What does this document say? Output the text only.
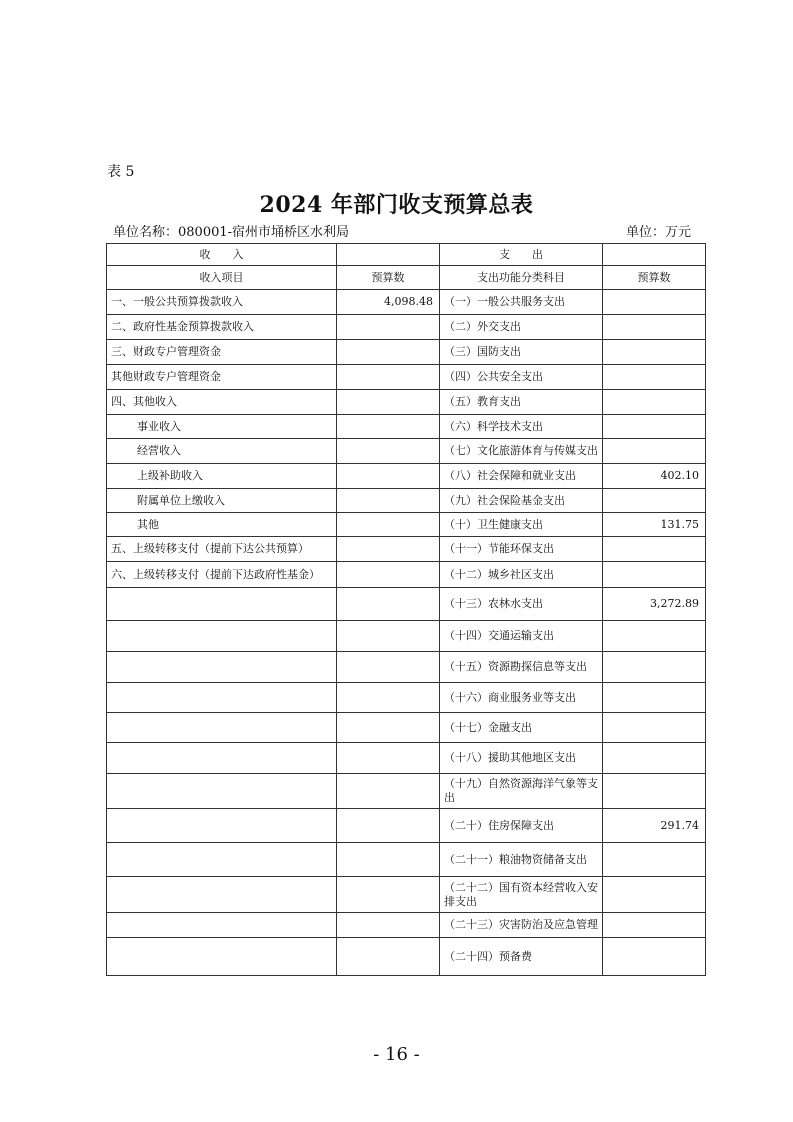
表 5
2024 年部门收支预算总表
单位名称：080001-宿州市埇桥区水利局	单位：万元
收　　入		支　　出	
收入项目	预算数	支出功能分类科目	预算数
一、一般公共预算拨款收入	4,098.48	（一）一般公共服务支出	
二、政府性基金预算拨款收入		（二）外交支出	
三、财政专户管理资金		（三）国防支出	
其他财政专户管理资金		（四）公共安全支出	
四、其他收入		（五）教育支出	
事业收入		（六）科学技术支出	
经营收入		（七）文化旅游体育与传媒支出	
上级补助收入		（八）社会保障和就业支出	402.10
附属单位上缴收入		（九）社会保险基金支出	
其他		（十）卫生健康支出	131.75
五、上级转移支付（提前下达公共预算）		（十一）节能环保支出	
六、上级转移支付（提前下达政府性基金）		（十二）城乡社区支出	
		（十三）农林水支出	3,272.89
		（十四）交通运输支出	
		（十五）资源勘探信息等支出	
		（十六）商业服务业等支出	
		（十七）金融支出	
		（十八）援助其他地区支出	
		（十九）自然资源海洋气象等支出	
		（二十）住房保障支出	291.74
		（二十一）粮油物资储备支出	
		（二十二）国有资本经营收入安排支出	
		（二十三）灾害防治及应急管理	
		（二十四）预备费	
- 16 -
